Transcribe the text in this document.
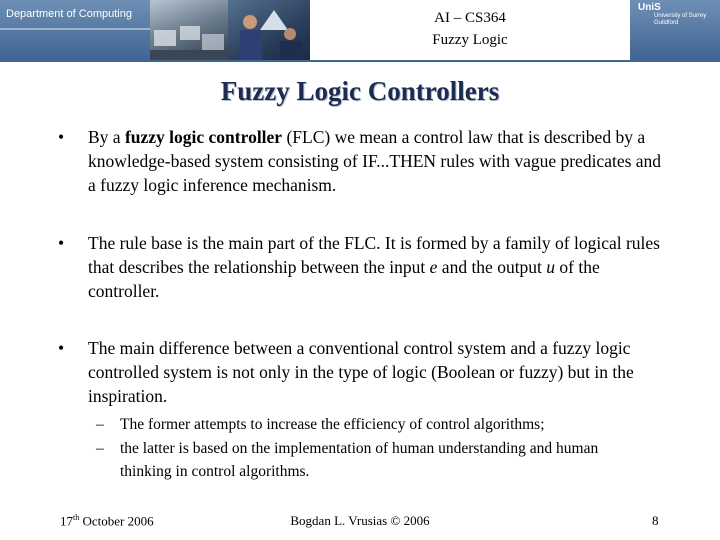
Department of Computing	AI – CS364
Fuzzy Logic
UniS
University of Surrey Guildford
Fuzzy Logic Controllers
• By a fuzzy logic controller (FLC) we mean a control law that is described by a knowledge-based system consisting of IF...THEN rules with vague predicates and a fuzzy logic inference mechanism.
• The rule base is the main part of the FLC. It is formed by a family of logical rules that describes the relationship between the input e and the output u of the controller.
• The main difference between a conventional control system and a fuzzy logic controlled system is not only in the type of logic (Boolean or fuzzy) but in the inspiration.
– The former attempts to increase the efficiency of control algorithms;
– the latter is based on the implementation of human understanding and human thinking in control algorithms.
17th October 2006	Bogdan L. Vrusias © 2006	8
